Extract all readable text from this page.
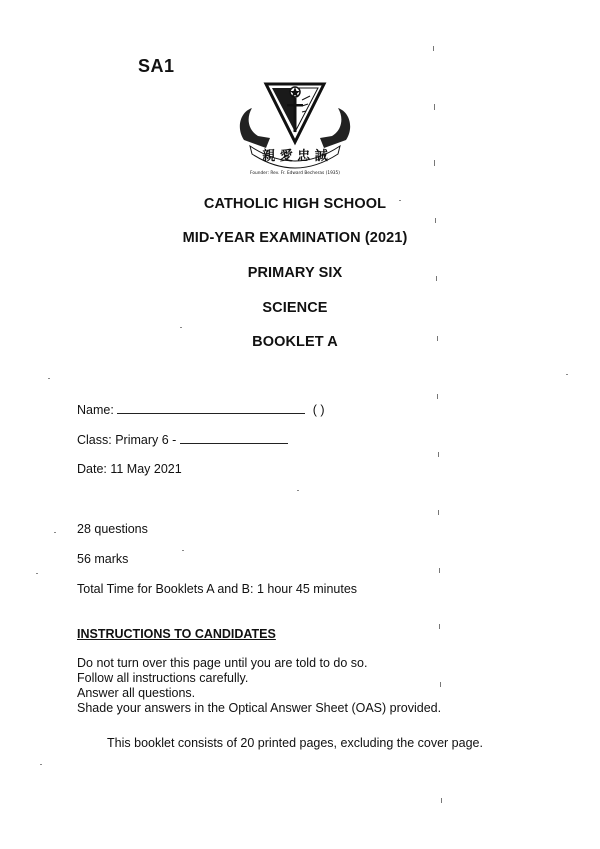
SA1
親 愛 忠 誠
Founder: Rev. Fr. Edward Becheras (1935)
CATHOLIC HIGH SCHOOL
MID-YEAR EXAMINATION (2021)
PRIMARY SIX
SCIENCE
BOOKLET A
Name:	( )
Class: Primary 6 -
Date: 11 May 2021
28 questions
56 marks
Total Time for Booklets A and B: 1 hour 45 minutes
INSTRUCTIONS TO CANDIDATES
Do not turn over this page until you are told to do so.
Follow all instructions carefully.
Answer all questions.
Shade your answers in the Optical Answer Sheet (OAS) provided.
This booklet consists of 20 printed pages, excluding the cover page.
